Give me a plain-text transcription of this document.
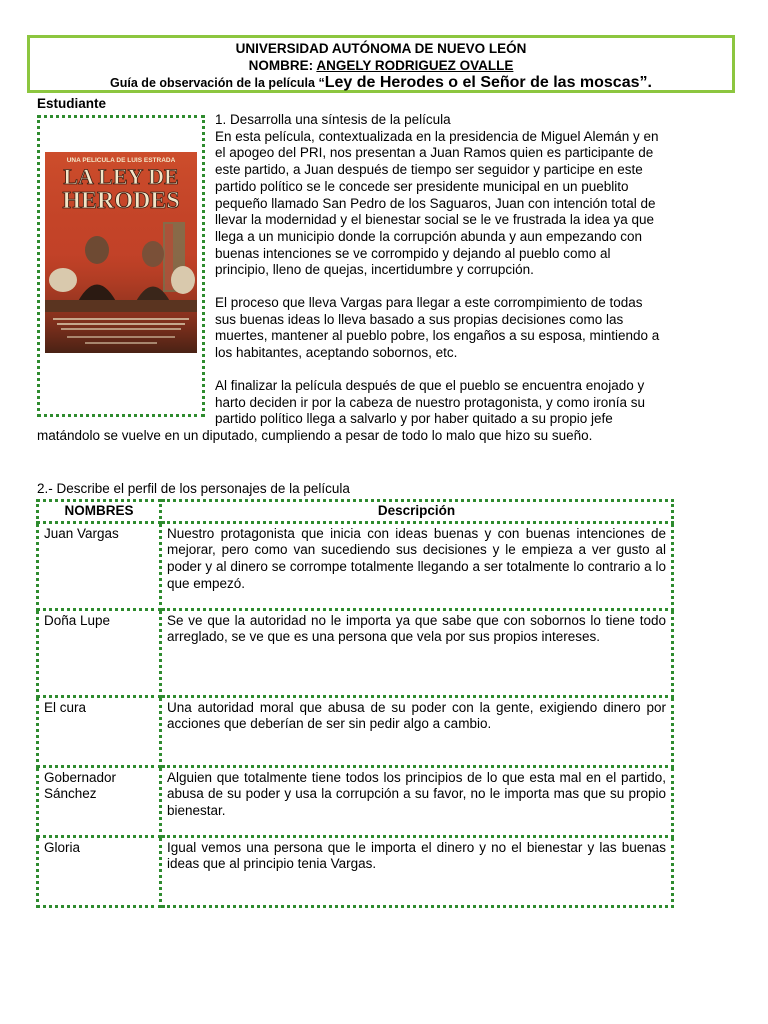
UNIVERSIDAD AUTÓNOMA DE NUEVO LEÓN
NOMBRE: ANGELY RODRIGUEZ OVALLE
Guía de observación de la película “Ley de Herodes o el Señor de las moscas”.
Estudiante
UNA PELICULA DE LUIS ESTRADA
LA LEY DE
HERODES
1. Desarrolla una síntesis de la película
En esta película, contextualizada en la presidencia de Miguel Alemán y en
el apogeo del PRI, nos presentan a Juan Ramos quien es participante de
este partido, a Juan después de tiempo ser seguidor y participe en este
partido político se le concede ser presidente municipal en un pueblito
pequeño llamado San Pedro de los Saguaros, Juan con intención total de
llevar la modernidad y el bienestar social se le ve frustrada la idea ya que
llega a un municipio donde la corrupción abunda y aun empezando con
buenas intenciones se ve corrompido y dejando al pueblo como al
principio, lleno de quejas, incertidumbre y corrupción.
El proceso que lleva Vargas para llegar a este corrompimiento de todas
sus buenas ideas lo lleva basado a sus propias decisiones como las
muertes, mantener al pueblo pobre, los engaños a su esposa, mintiendo a
los habitantes, aceptando sobornos, etc.
Al finalizar la película después de que el pueblo se encuentra enojado y
harto deciden ir por la cabeza de nuestro protagonista, y como ironía su
partido político llega a salvarlo y por haber quitado a su propio jefe
matándolo se vuelve en un diputado, cumpliendo a pesar de todo lo malo que hizo su sueño.
2.- Describe el perfil de los personajes de la película
NOMBRES	Descripción
Juan Vargas	Nuestro protagonista que inicia con ideas buenas y con buenas intenciones de mejorar, pero como van sucediendo sus decisiones y le empieza a ver gusto al poder y al dinero se corrompe totalmente llegando a ser totalmente lo contrario a lo que empezó.
Doña Lupe	Se ve que la autoridad no le importa ya que sabe que con sobornos lo tiene todo arreglado, se ve que es una persona que vela por sus propios intereses.
El cura	Una autoridad moral que abusa de su poder con la gente, exigiendo dinero por acciones que deberían de ser sin pedir algo a cambio.
Gobernador Sánchez	Alguien que totalmente tiene todos los principios de lo que esta mal en el partido, abusa de su poder y usa la corrupción a su favor, no le importa mas que su propio bienestar.
Gloria	Igual vemos una persona que le importa el dinero y no el bienestar y las buenas ideas que al principio tenia Vargas.
